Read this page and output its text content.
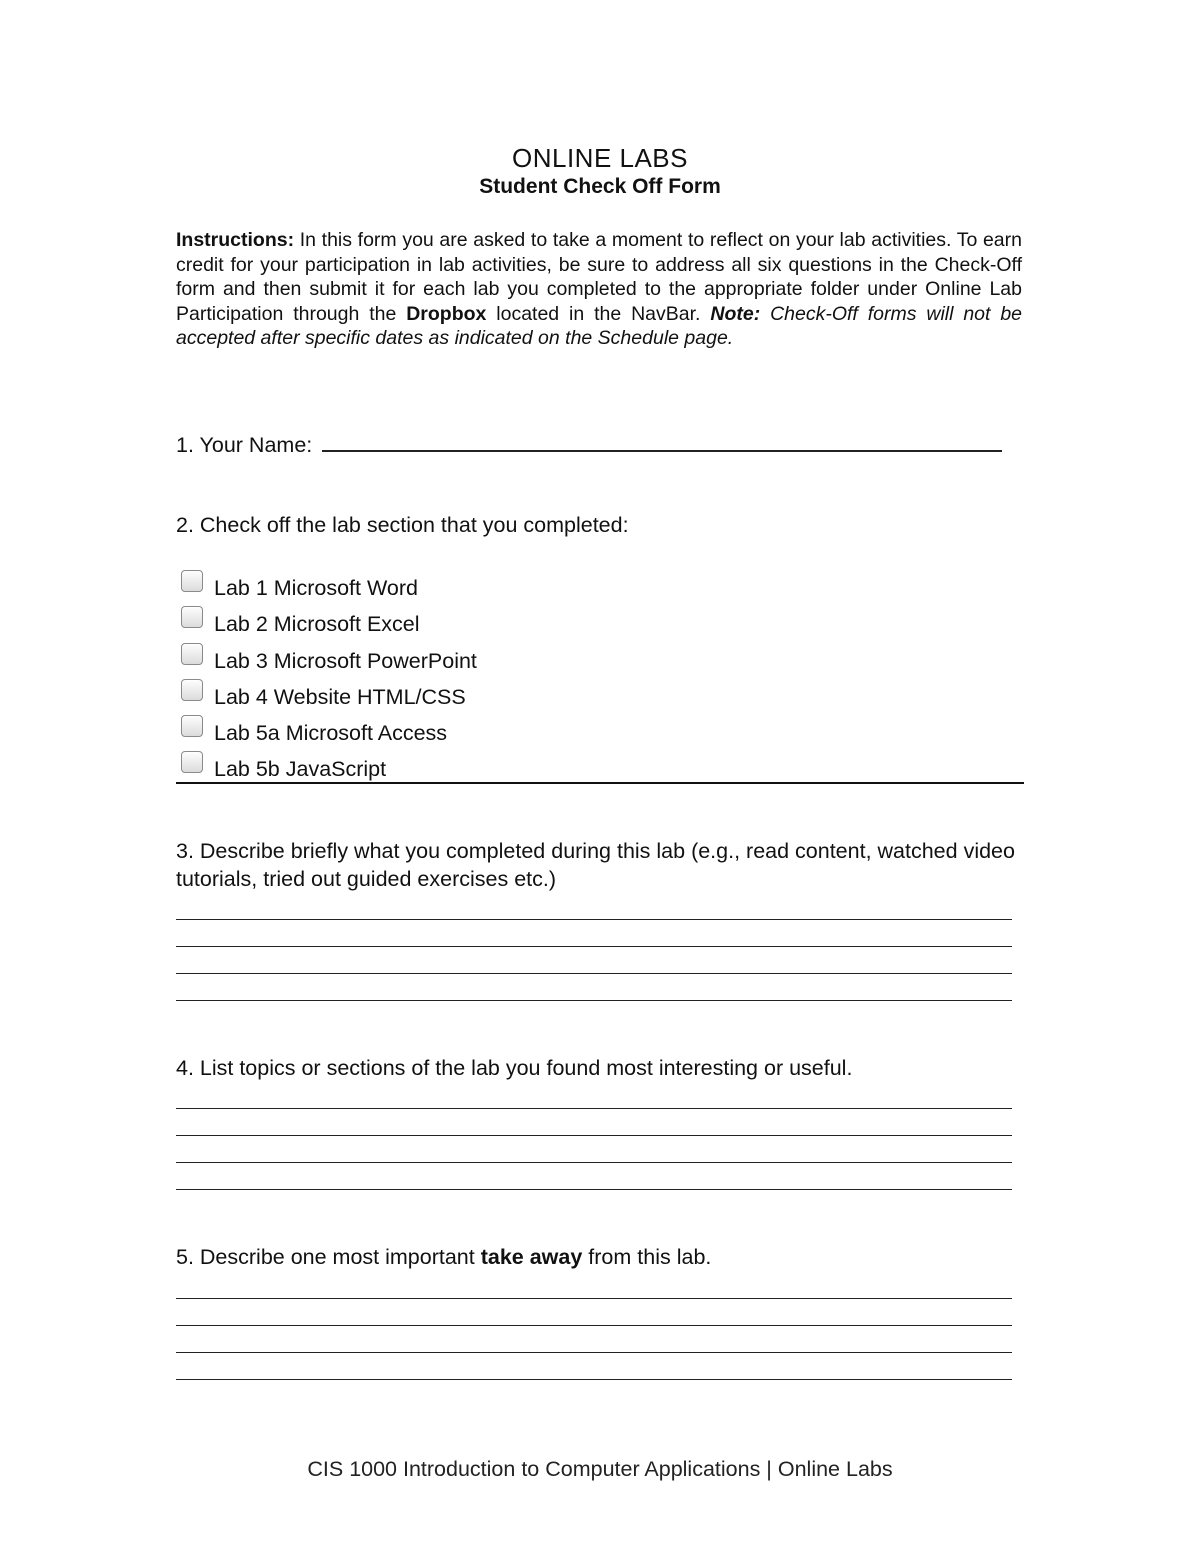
ONLINE LABS
Student Check Off Form
Instructions: In this form you are asked to take a moment to reflect on your lab activities. To earn credit for your participation in lab activities, be sure to address all six questions in the Check-Off form and then submit it for each lab you completed to the appropriate folder under Online Lab Participation through the Dropbox located in the NavBar. Note: Check-Off forms will not be accepted after specific dates as indicated on the Schedule page.
1. Your Name:
2. Check off the lab section that you completed:
Lab 1 Microsoft Word
Lab 2 Microsoft Excel
Lab 3 Microsoft PowerPoint
Lab 4 Website HTML/CSS
Lab 5a Microsoft Access
Lab 5b JavaScript
3. Describe briefly what you completed during this lab (e.g., read content, watched video tutorials, tried out guided exercises etc.)
4. List topics or sections of the lab you found most interesting or useful.
5. Describe one most important take away from this lab.
CIS 1000 Introduction to Computer Applications | Online Labs
